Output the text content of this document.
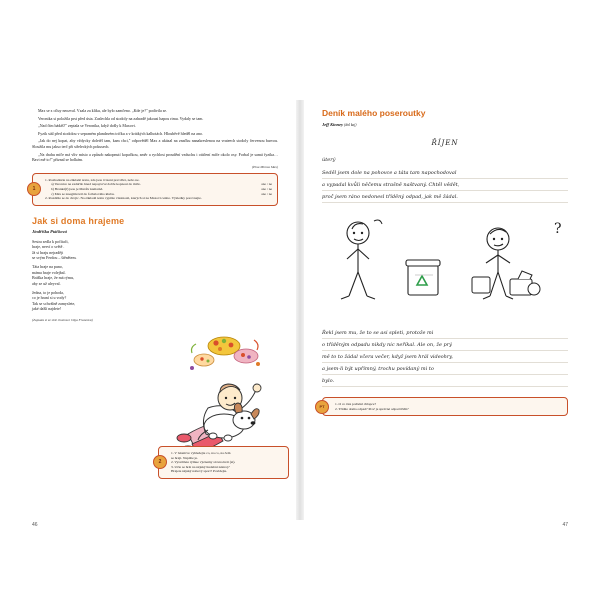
Max se z cíluy neozval. Vzala za kliku, ale bylo zamčeno. „Kde je?" podivila se.

Veronika si položila prst před ústa. Zaslechla od stodoly na zahradě jakousi hapou rimu. Vydaly se tam.

„Nad čím bádáš?" zeptala se Veronika, když došly k Maxovi.

Fyzik stál před stodolou v sepraném plandavém tričku a v krátkých kalhotách. Hlouběvě hleděl na ano.

„Jak do nej kopat, aby vždycky doletěl tam, kam chci," odpověděl Max a ukázal na značku nanakreslenou na vrateech stodoly červenou barvou. Sloužila mu jakso terč při střeleckých pokusech.

„Na drahu míče má vliv místo a způsob nakopnutí kopačkou, směr a rychlost proudění vzduchu i otáčení míče okolo osy. Forbal je samá fyzika… Bavi mě to!" přiznal se holkám.

(Pina Mirosa Max)
1
1. Rozhodněte na základě textu, zda jsou tvrzení pravdivá, nebo ne.
ano / ne
a) Veronice ne zadařilo hned napopvrvé dobře kopnout do míče.
ano / ne
b) Branká(ř) jsou je Maxův kamarád.
ano / ne
c) Max se zneąjímovál do fotbalového klubu.
2. Rozdělte se do dvojic. Na základě textu vypište vlastnosti, kterých si na Maxovi cenite. Výsledky porovnejte.
Jak si doma hrajeme
Jindřiška Ptáčková
Sestra sedla k počítači,
hraje, nerví o světě .
Já si hraju nejraději
se svým Ferdou – štěnětem.
Táta hraje na puno,
máma hraje volejbal.
Bráška hraje, že má rýmu,
aby se už uleyval.
Jedna, to je pohoda,
co je hraní si u vody?
Tak se schválně zamyslete,
jaké další najdete!
(Zapsala si ze sbír. ilustrace Olga Franzová)
2
1. V básničce vyhledejte co, na co, na čem
se hrají. Napište je.
2. Vysvětlete rýmue významy slovna hrát (si).
3. Učte se hrát na nějaký hudební nástroj?
Hrajete nějaký nabový sport? Povídejte.
46
Deník malého poseroutky
Jeff Kinney (dnl kaj)
ŘÍJEN
úterý

Seděl jsem dole na pohovce a táta tam napochodoval

a vypadal kvůli něčemu strašně naštvaný. Chtěl vědět,

proč jsem ráno nedonesl tříděný odpad, jak mě žádal.

?

Řekl jsem mu, že to se asi spleti, protože mi

o tříděným odpadu nikdy nic neříkal. Ale on, že prý

mě to to žádal včera večer, když jsem hrál videohry,

a jsem-li být upřímný, trochu povídaný mi to

bylo.

PT
1. O co táta požádal chlapce?
2. Třídíte doma odpad? Proč je správné odpad třídit?
47
